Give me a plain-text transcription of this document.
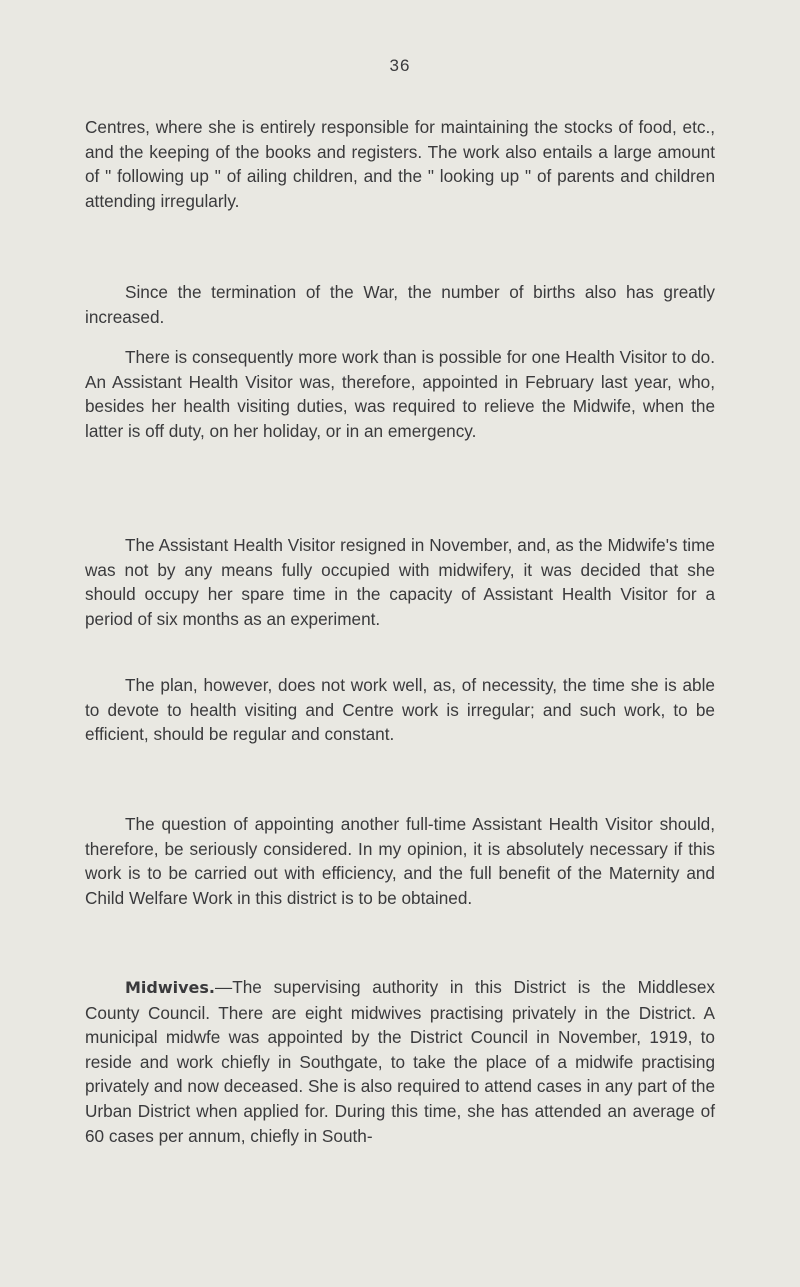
36

Centres, where she is entirely responsible for maintaining the stocks of food, etc., and the keeping of the books and registers. The work also entails a large amount of " following up " of ailing children, and the " looking up " of parents and children attending irregularly.

Since the termination of the War, the number of births also has greatly increased.

There is consequently more work than is possible for one Health Visitor to do. An Assistant Health Visitor was, therefore, appointed in February last year, who, besides her health visiting duties, was required to relieve the Midwife, when the latter is off duty, on her holiday, or in an emergency.

The Assistant Health Visitor resigned in November, and, as the Midwife's time was not by any means fully occupied with midwifery, it was decided that she should occupy her spare time in the capacity of Assistant Health Visitor for a period of six months as an experiment.

The plan, however, does not work well, as, of necessity, the time she is able to devote to health visiting and Centre work is irregular; and such work, to be efficient, should be regular and constant.

The question of appointing another full-time Assistant Health Visitor should, therefore, be seriously considered. In my opinion, it is absolutely necessary if this work is to be carried out with efficiency, and the full benefit of the Maternity and Child Welfare Work in this district is to be obtained.

Midwives.—The supervising authority in this District is the Middlesex County Council. There are eight midwives practising privately in the District. A municipal midwfe was appointed by the District Council in November, 1919, to reside and work chiefly in Southgate, to take the place of a midwife practising privately and now deceased. She is also required to attend cases in any part of the Urban District when applied for. During this time, she has attended an average of 60 cases per annum, chiefly in South-
